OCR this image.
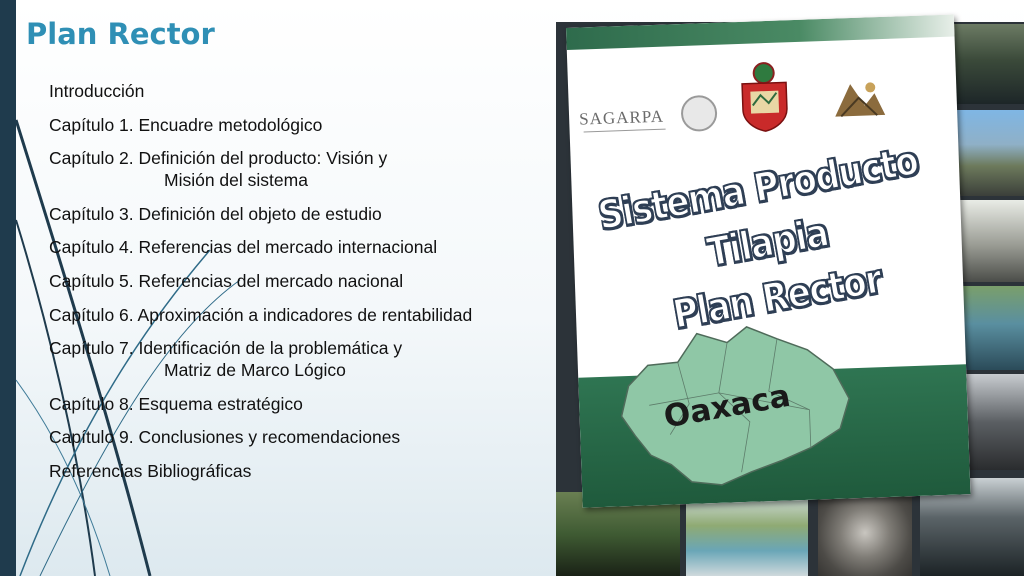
Plan Rector
Introducción
Capítulo 1. Encuadre metodológico
Capítulo 2. Definición del producto: Visión y
Misión del sistema
Capítulo 3. Definición del objeto de estudio
Capítulo 4. Referencias del mercado internacional
Capítulo 5. Referencias del mercado nacional
Capítulo 6. Aproximación a indicadores de rentabilidad
Capítulo 7. Identificación de la problemática y
Matriz de Marco Lógico
Capítulo 8. Esquema estratégico
Capítulo 9. Conclusiones y recomendaciones
Referencias Bibliográficas
SAGARPA
Sistema Producto Tilapia
Plan Rector
Oaxaca
